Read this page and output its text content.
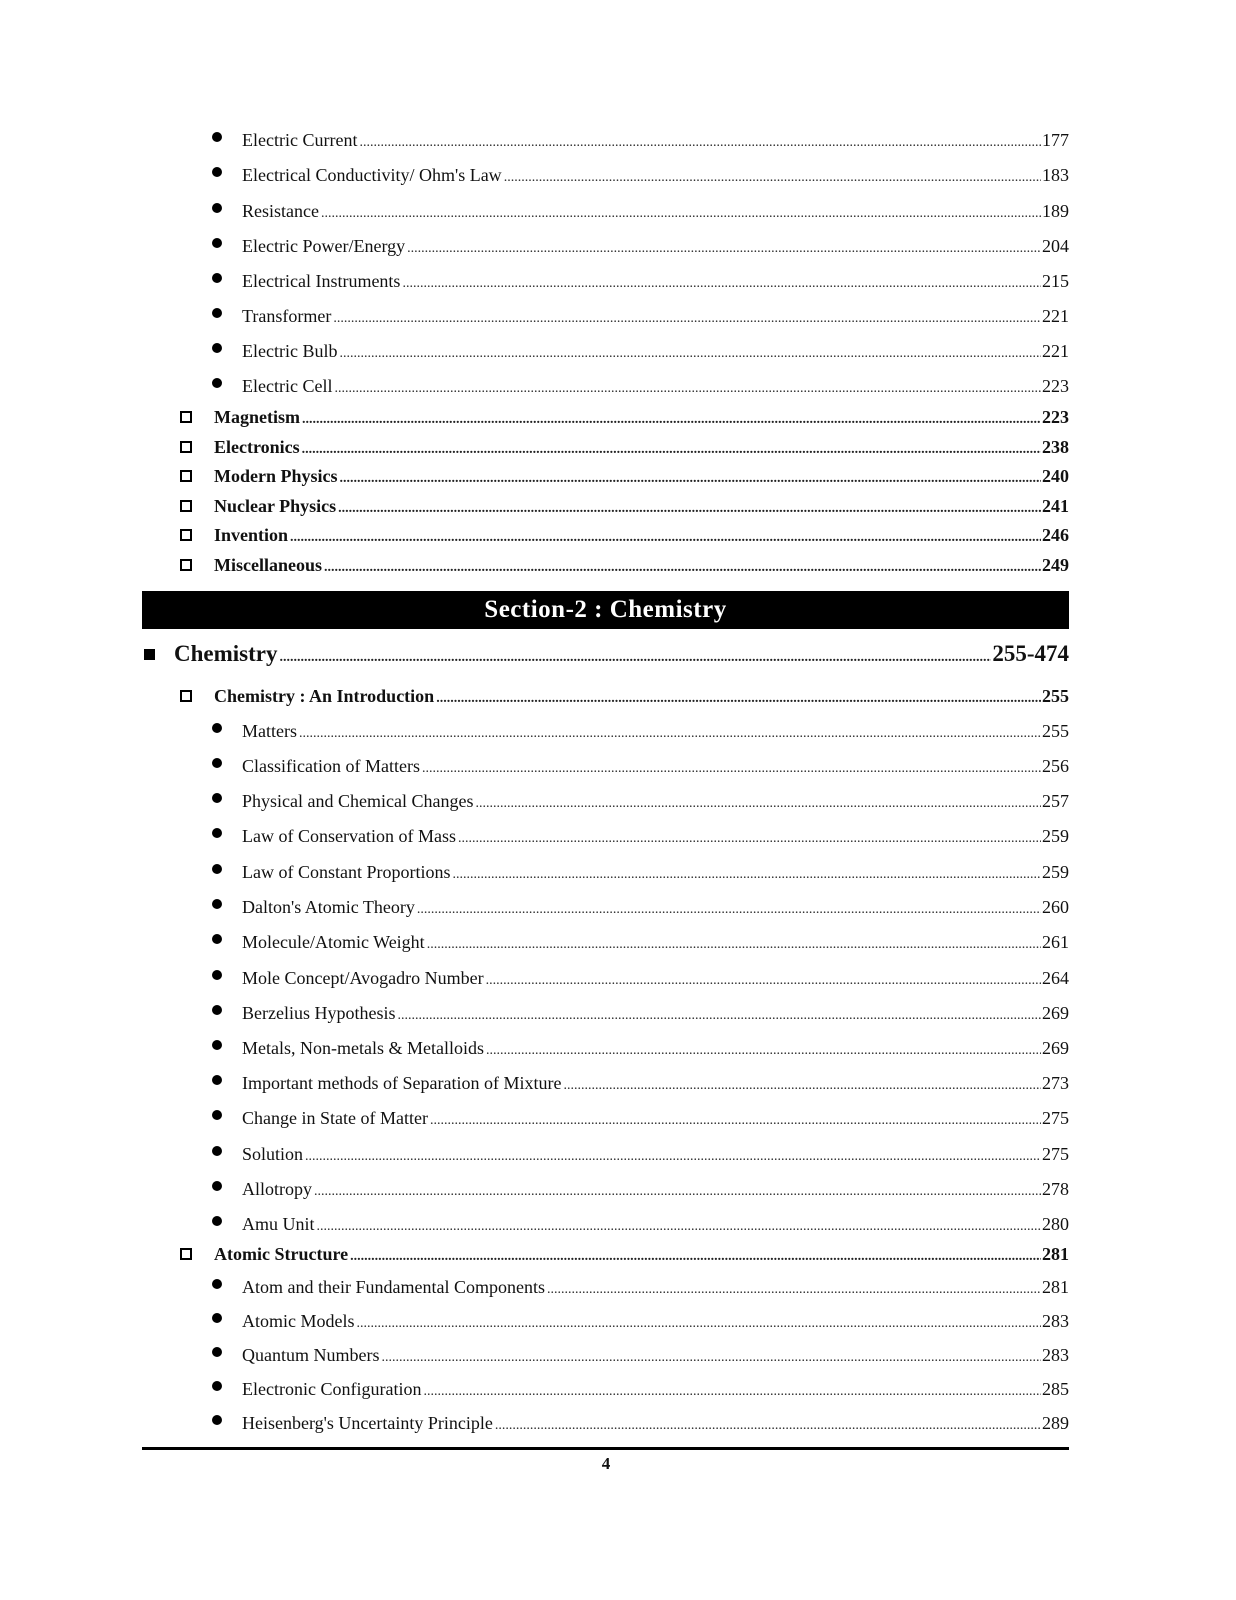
Electric Current .....	177
Electrical Conductivity/ Ohm's Law .....	183
Resistance .....	189
Electric Power/Energy .....	204
Electrical Instruments .....	215
Transformer .....	221
Electric Bulb .....	221
Electric Cell .....	223
Magnetism .....	223
Electronics .....	238
Modern Physics .....	240
Nuclear Physics .....	241
Invention .....	246
Miscellaneous .....	249
Section-2 : Chemistry
Chemistry .....	255-474
Chemistry : An Introduction .....	255
Matters .....	255
Classification of Matters .....	256
Physical and Chemical Changes .....	257
Law of Conservation of Mass .....	259
Law of Constant Proportions .....	259
Dalton's Atomic Theory .....	260
Molecule/Atomic Weight .....	261
Mole Concept/Avogadro Number .....	264
Berzelius Hypothesis .....	269
Metals, Non-metals & Metalloids .....	269
Important methods of Separation of Mixture .....	273
Change in State of Matter .....	275
Solution .....	275
Allotropy .....	278
Amu Unit .....	280
Atomic Structure .....	281
Atom and their Fundamental Components .....	281
Atomic Models .....	283
Quantum Numbers .....	283
Electronic Configuration .....	285
Heisenberg's Uncertainty Principle .....	289
4
